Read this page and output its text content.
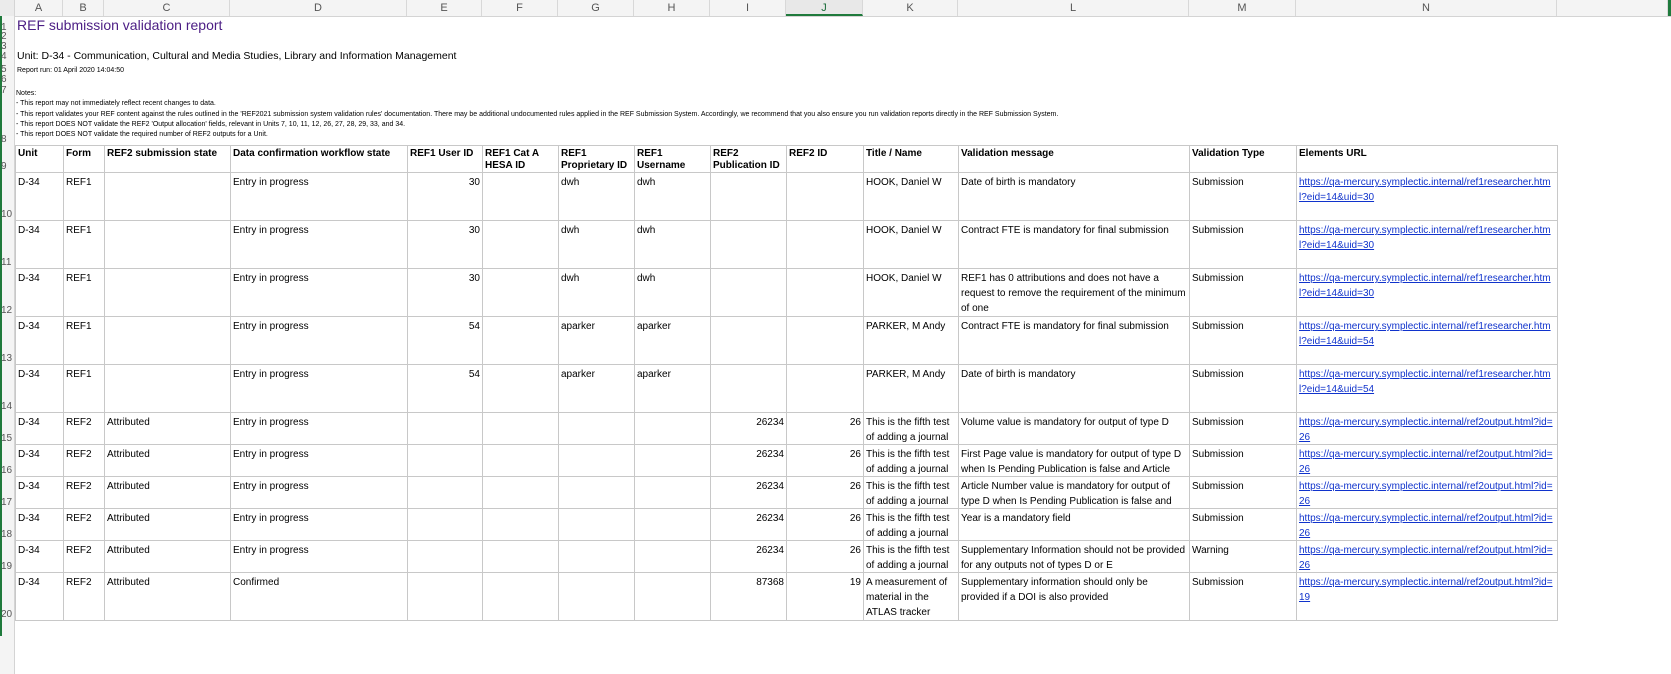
A	B	C	D	E	F	G	H	I	J	K	L	M	N
REF submission validation report
Unit: D-34 - Communication, Cultural and Media Studies, Library and Information Management
Report run: 01 April 2020 14:04:50
Notes:
- This report may not immediately reflect recent changes to data.
- This report validates your REF content against the rules outlined in the 'REF2021 submission system validation rules' documentation. There may be additional undocumented rules applied in the REF Submission System. Accordingly, we recommend that you also ensure you run validation reports directly in the REF Submission System.
- This report DOES NOT validate the REF2 'Output allocation' fields, relevant in Units 7, 10, 11, 12, 26, 27, 28, 29, 33, and 34.
- This report DOES NOT validate the required number of REF2 outputs for a Unit.
Unit	Form	REF2 submission state	Data confirmation workflow state	REF1 User ID	REF1 Cat A HESA ID	REF1 Proprietary ID	REF1 Username	REF2 Publication ID	REF2 ID	Title / Name	Validation message	Validation Type	Elements URL

D-34	REF1		Entry in progress	30		dwh	dwh			HOOK, Daniel W	Date of birth is mandatory	Submission	https://qa-mercury.symplectic.internal/ref1researcher.html?eid=14&uid=30

D-34	REF1		Entry in progress	30		dwh	dwh			HOOK, Daniel W	Contract FTE is mandatory for final submission	Submission	https://qa-mercury.symplectic.internal/ref1researcher.html?eid=14&uid=30

D-34	REF1		Entry in progress	30		dwh	dwh			HOOK, Daniel W	REF1 has 0 attributions and does not have a request to remove the requirement of the minimum of one	Submission	https://qa-mercury.symplectic.internal/ref1researcher.html?eid=14&uid=30

D-34	REF1		Entry in progress	54		aparker	aparker			PARKER, M Andy	Contract FTE is mandatory for final submission	Submission	https://qa-mercury.symplectic.internal/ref1researcher.html?eid=14&uid=54

D-34	REF1		Entry in progress	54		aparker	aparker			PARKER, M Andy	Date of birth is mandatory	Submission	https://qa-mercury.symplectic.internal/ref1researcher.html?eid=14&uid=54

D-34	REF2	Attributed	Entry in progress					26234	26	This is the fifth test of adding a journal	Volume value is mandatory for output of type D	Submission	https://qa-mercury.symplectic.internal/ref2output.html?id=26

D-34	REF2	Attributed	Entry in progress					26234	26	This is the fifth test of adding a journal	First Page value is mandatory for output of type D when Is Pending Publication is false and Article	Submission	https://qa-mercury.symplectic.internal/ref2output.html?id=26

D-34	REF2	Attributed	Entry in progress					26234	26	This is the fifth test of adding a journal	Article Number value is mandatory for output of type D when Is Pending Publication is false and	Submission	https://qa-mercury.symplectic.internal/ref2output.html?id=26

D-34	REF2	Attributed	Entry in progress					26234	26	This is the fifth test of adding a journal	Year is a mandatory field	Submission	https://qa-mercury.symplectic.internal/ref2output.html?id=26

D-34	REF2	Attributed	Entry in progress					26234	26	This is the fifth test of adding a journal	Supplementary Information should not be provided for any outputs not of types D or E	Warning	https://qa-mercury.symplectic.internal/ref2output.html?id=26

D-34	REF2	Attributed	Confirmed					87368	19	A measurement of material in the ATLAS tracker	Supplementary information should only be provided if a DOI is also provided	Submission	https://qa-mercury.symplectic.internal/ref2output.html?id=19
1
2
3
4
5
6
7
8
9
10
11
12
13
14
15
16
17
18
19
20
